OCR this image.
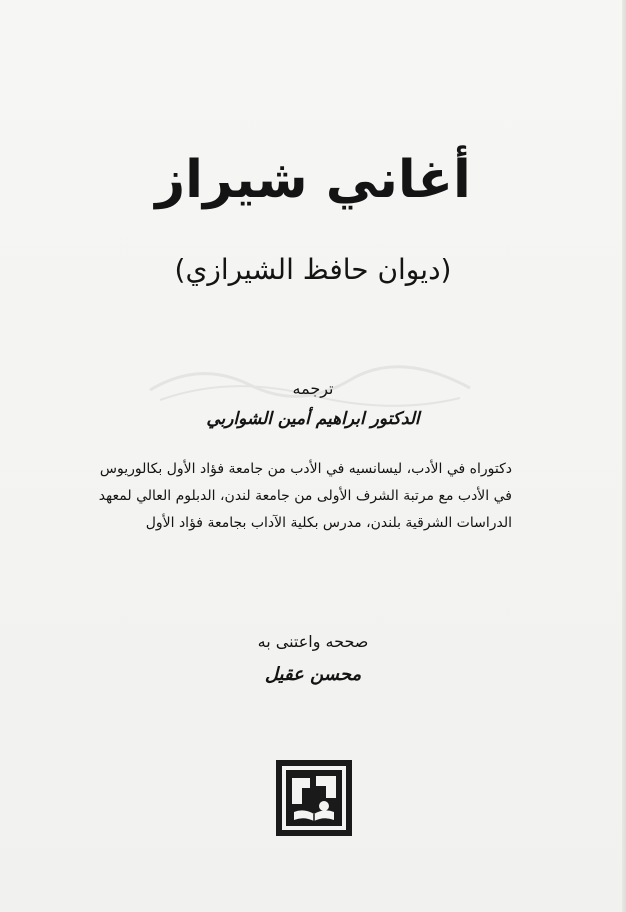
أغاني شيراز

(ديوان حافظ الشيرازي)

ترجمه

الدكتور ابراهيم أمين الشواربي

دكتوراه في الأدب، ليسانسيه في الأدب من جامعة فؤاد الأول بكالوريوس
في الأدب مع مرتبة الشرف الأولى من جامعة لندن، الدبلوم العالي لمعهد
الدراسات الشرقية بلندن، مدرس بكلية الآداب بجامعة فؤاد الأول

صححه واعتنى به

محسن عقيل
